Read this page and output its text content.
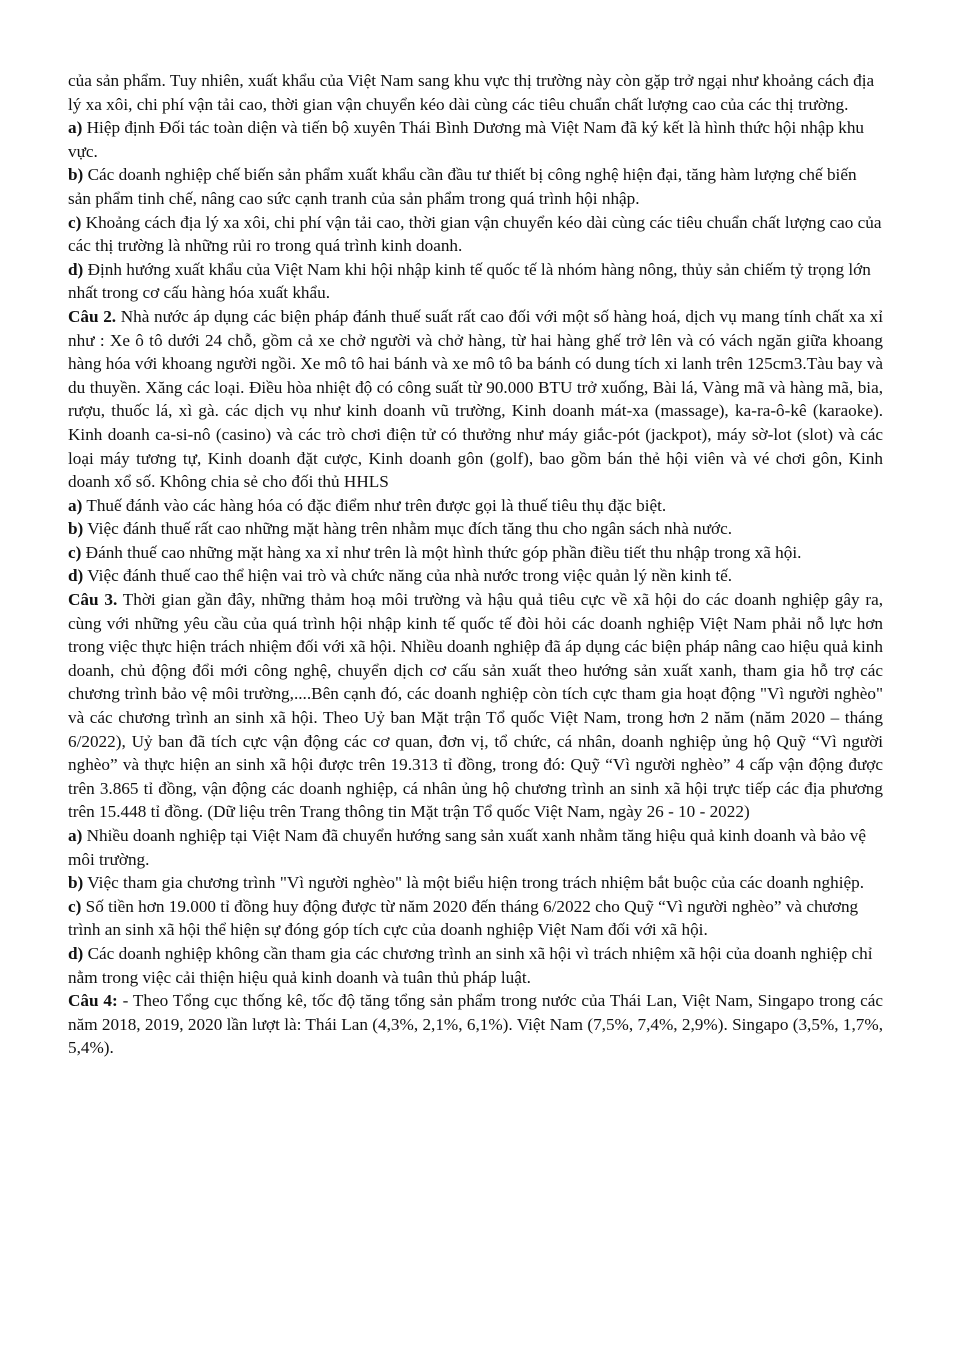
của sản phẩm. Tuy nhiên, xuất khẩu của Việt Nam sang khu vực thị trường này còn gặp trở ngại như khoảng cách địa lý xa xôi, chi phí vận tải cao, thời gian vận chuyển kéo dài cùng các tiêu chuẩn chất lượng cao của các thị trường.

a) Hiệp định Đối tác toàn diện và tiến bộ xuyên Thái Bình Dương mà Việt Nam đã ký kết là hình thức hội nhập khu vực.

b) Các doanh nghiệp chế biến sản phẩm xuất khẩu cần đầu tư thiết bị công nghệ hiện đại, tăng hàm lượng chế biến sản phẩm tinh chế, nâng cao sức cạnh tranh của sản phẩm trong quá trình hội nhập.

c) Khoảng cách địa lý xa xôi, chi phí vận tải cao, thời gian vận chuyển kéo dài cùng các tiêu chuẩn chất lượng cao của các thị trường là những rủi ro trong quá trình kinh doanh.

d) Định hướng xuất khẩu của Việt Nam khi hội nhập kinh tế quốc tế là nhóm hàng nông, thủy sản chiếm tỷ trọng lớn nhất trong cơ cấu hàng hóa xuất khẩu.

Câu 2. Nhà nước áp dụng các biện pháp đánh thuế suất rất cao đối với một số hàng hoá, dịch vụ mang tính chất xa xỉ như : Xe ô tô dưới 24 chỗ, gồm cả xe chở người và chở hàng, từ hai hàng ghế trở lên và có vách ngăn giữa khoang hàng hóa với khoang người ngồi. Xe mô tô hai bánh và xe mô tô ba bánh có dung tích xi lanh trên 125cm3.Tàu bay và du thuyền. Xăng các loại. Điều hòa nhiệt độ có công suất từ 90.000 BTU trở xuống, Bài lá, Vàng mã và hàng mã, bia, rượu, thuốc lá, xì gà. các dịch vụ như kinh doanh vũ trường, Kinh doanh mát-xa (massage), ka-ra-ô-kê (karaoke). Kinh doanh ca-si-nô (casino) và các trò chơi điện tử có thưởng như máy giắc-pót (jackpot), máy sờ-lot (slot) và các loại máy tương tự, Kinh doanh đặt cược, Kinh doanh gôn (golf), bao gồm bán thẻ hội viên và vé chơi gôn, Kinh doanh xổ số. Không chia sẻ cho đối thủ HHLS

a) Thuế đánh vào các hàng hóa có đặc điểm như trên được gọi là thuế tiêu thụ đặc biệt.

b) Việc đánh thuế rất cao những mặt hàng trên nhằm mục đích tăng thu cho ngân sách nhà nước.

c) Đánh thuế cao những mặt hàng xa xỉ như trên là một hình thức góp phần điều tiết thu nhập trong xã hội.

d) Việc đánh thuế cao thể hiện vai trò và chức năng của nhà nước trong việc quản lý nền kinh tế.

Câu 3. Thời gian gần đây, những thảm hoạ môi trường và hậu quả tiêu cực về xã hội do các doanh nghiệp gây ra, cùng với những yêu cầu của quá trình hội nhập kinh tế quốc tế đòi hỏi các doanh nghiệp Việt Nam phải nỗ lực hơn trong việc thực hiện trách nhiệm đối với xã hội. Nhiều doanh nghiệp đã áp dụng các biện pháp nâng cao hiệu quả kinh doanh, chủ động đổi mới công nghệ, chuyển dịch cơ cấu sản xuất theo hướng sản xuất xanh, tham gia hỗ trợ các chương trình bảo vệ môi trường,....Bên cạnh đó, các doanh nghiệp còn tích cực tham gia hoạt động "Vì người nghèo" và các chương trình an sinh xã hội. Theo Uỷ ban Mặt trận Tổ quốc Việt Nam, trong hơn 2 năm (năm 2020 – tháng 6/2022), Uỷ ban đã tích cực vận động các cơ quan, đơn vị, tổ chức, cá nhân, doanh nghiệp ủng hộ Quỹ “Vì người nghèo” và thực hiện an sinh xã hội được trên 19.313 tỉ đồng, trong đó: Quỹ “Vì người nghèo” 4 cấp vận động được trên 3.865 tỉ đồng, vận động các doanh nghiệp, cá nhân ủng hộ chương trình an sinh xã hội trực tiếp các địa phương trên 15.448 tỉ đồng. (Dữ liệu trên Trang thông tin Mặt trận Tổ quốc Việt Nam, ngày 26 - 10 - 2022)

a) Nhiều doanh nghiệp tại Việt Nam đã chuyển hướng sang sản xuất xanh nhằm tăng hiệu quả kinh doanh và bảo vệ môi trường.

b) Việc tham gia chương trình "Vì người nghèo" là một biểu hiện trong trách nhiệm bắt buộc của các doanh nghiệp.

c) Số tiền hơn 19.000 tỉ đồng huy động được từ năm 2020 đến tháng 6/2022 cho Quỹ “Vì người nghèo” và chương trình an sinh xã hội thể hiện sự đóng góp tích cực của doanh nghiệp Việt Nam đối với xã hội.

d) Các doanh nghiệp không cần tham gia các chương trình an sinh xã hội vì trách nhiệm xã hội của doanh nghiệp chỉ nằm trong việc cải thiện hiệu quả kinh doanh và tuân thủ pháp luật.

Câu 4: - Theo Tổng cục thống kê, tốc độ tăng tổng sản phẩm trong nước của Thái Lan, Việt Nam, Singapo trong các năm 2018, 2019, 2020 lần lượt là: Thái Lan (4,3%, 2,1%, 6,1%). Việt Nam (7,5%, 7,4%, 2,9%). Singapo (3,5%, 1,7%, 5,4%).
